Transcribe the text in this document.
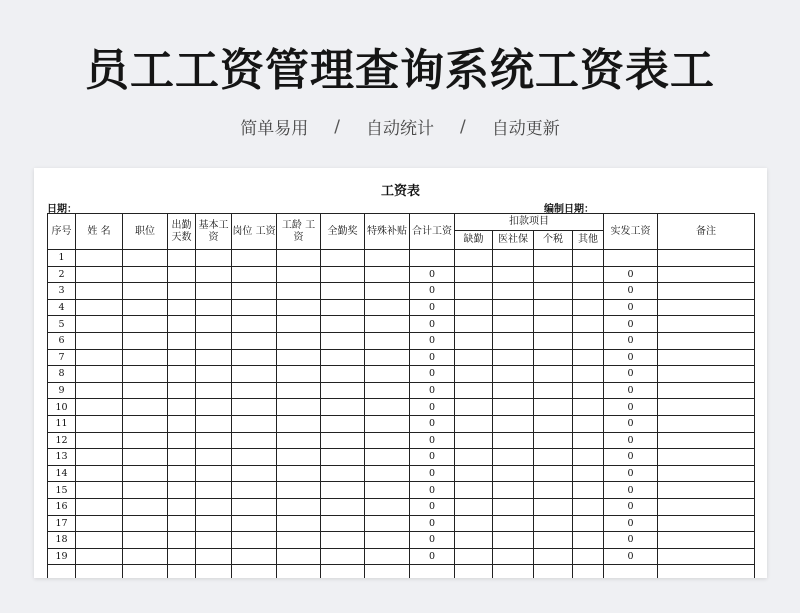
员工工资管理查询系统工资表工
简单易用 / 自动统计 / 自动更新
工资表
日期：	编制日期：
序号	姓 名	职位	出勤天数	基本工资	岗位 工资	工龄 工资	全勤奖	特殊补贴	合计工资	扣款项目				实发工资	备注
										缺勤	医社保	个税	其他		
1															
2									0					0	
3									0					0	
4									0					0	
5									0					0	
6									0					0	
7									0					0	
8									0					0	
9									0					0	
10									0					0	
11									0					0	
12									0					0	
13									0					0	
14									0					0	
15									0					0	
16									0					0	
17									0					0	
18									0					0	
19									0					0	
